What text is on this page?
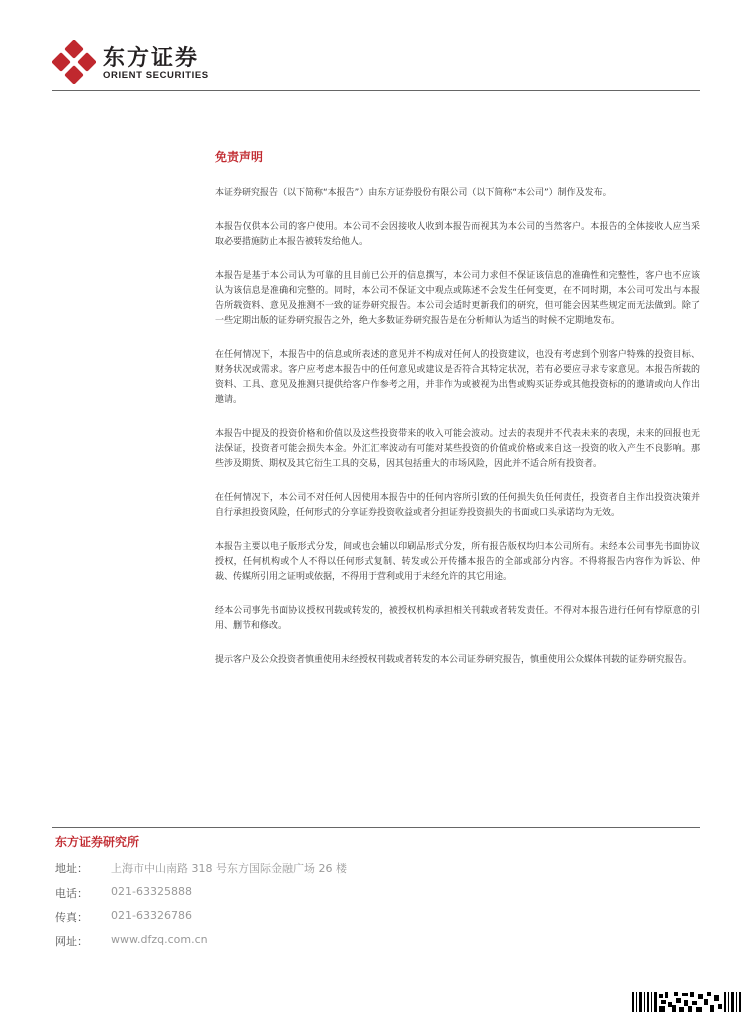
东方证券
ORIENT SECURITIES
免责声明

本证券研究报告（以下简称“本报告”）由东方证券股份有限公司（以下简称“本公司”）制作及发布。

本报告仅供本公司的客户使用。本公司不会因接收人收到本报告而视其为本公司的当然客户。本报告的全体接收人应当采取必要措施防止本报告被转发给他人。

本报告是基于本公司认为可靠的且目前已公开的信息撰写，本公司力求但不保证该信息的准确性和完整性，客户也不应该认为该信息是准确和完整的。同时，本公司不保证文中观点或陈述不会发生任何变更，在不同时期，本公司可发出与本报告所载资料、意见及推测不一致的证券研究报告。本公司会适时更新我们的研究，但可能会因某些规定而无法做到。除了一些定期出版的证券研究报告之外，绝大多数证券研究报告是在分析师认为适当的时候不定期地发布。

在任何情况下，本报告中的信息或所表述的意见并不构成对任何人的投资建议，也没有考虑到个别客户特殊的投资目标、财务状况或需求。客户应考虑本报告中的任何意见或建议是否符合其特定状况，若有必要应寻求专家意见。本报告所载的资料、工具、意见及推测只提供给客户作参考之用，并非作为或被视为出售或购买证券或其他投资标的的邀请或向人作出邀请。

本报告中提及的投资价格和价值以及这些投资带来的收入可能会波动。过去的表现并不代表未来的表现，未来的回报也无法保证，投资者可能会损失本金。外汇汇率波动有可能对某些投资的价值或价格或来自这一投资的收入产生不良影响。那些涉及期货、期权及其它衍生工具的交易，因其包括重大的市场风险，因此并不适合所有投资者。

在任何情况下，本公司不对任何人因使用本报告中的任何内容所引致的任何损失负任何责任，投资者自主作出投资决策并自行承担投资风险，任何形式的分享证券投资收益或者分担证券投资损失的书面或口头承诺均为无效。

本报告主要以电子版形式分发，间或也会辅以印刷品形式分发，所有报告版权均归本公司所有。未经本公司事先书面协议授权，任何机构或个人不得以任何形式复制、转发或公开传播本报告的全部或部分内容。不得将报告内容作为诉讼、仲裁、传媒所引用之证明或依据，不得用于营利或用于未经允许的其它用途。

经本公司事先书面协议授权刊载或转发的，被授权机构承担相关刊载或者转发责任。不得对本报告进行任何有悖原意的引用、删节和修改。

提示客户及公众投资者慎重使用未经授权刊载或者转发的本公司证券研究报告，慎重使用公众媒体刊载的证券研究报告。

东方证券研究所
地址： 上海市中山南路 318 号东方国际金融广场 26 楼
电话： 021-63325888
传真： 021-63326786
网址： www.dfzq.com.cn
